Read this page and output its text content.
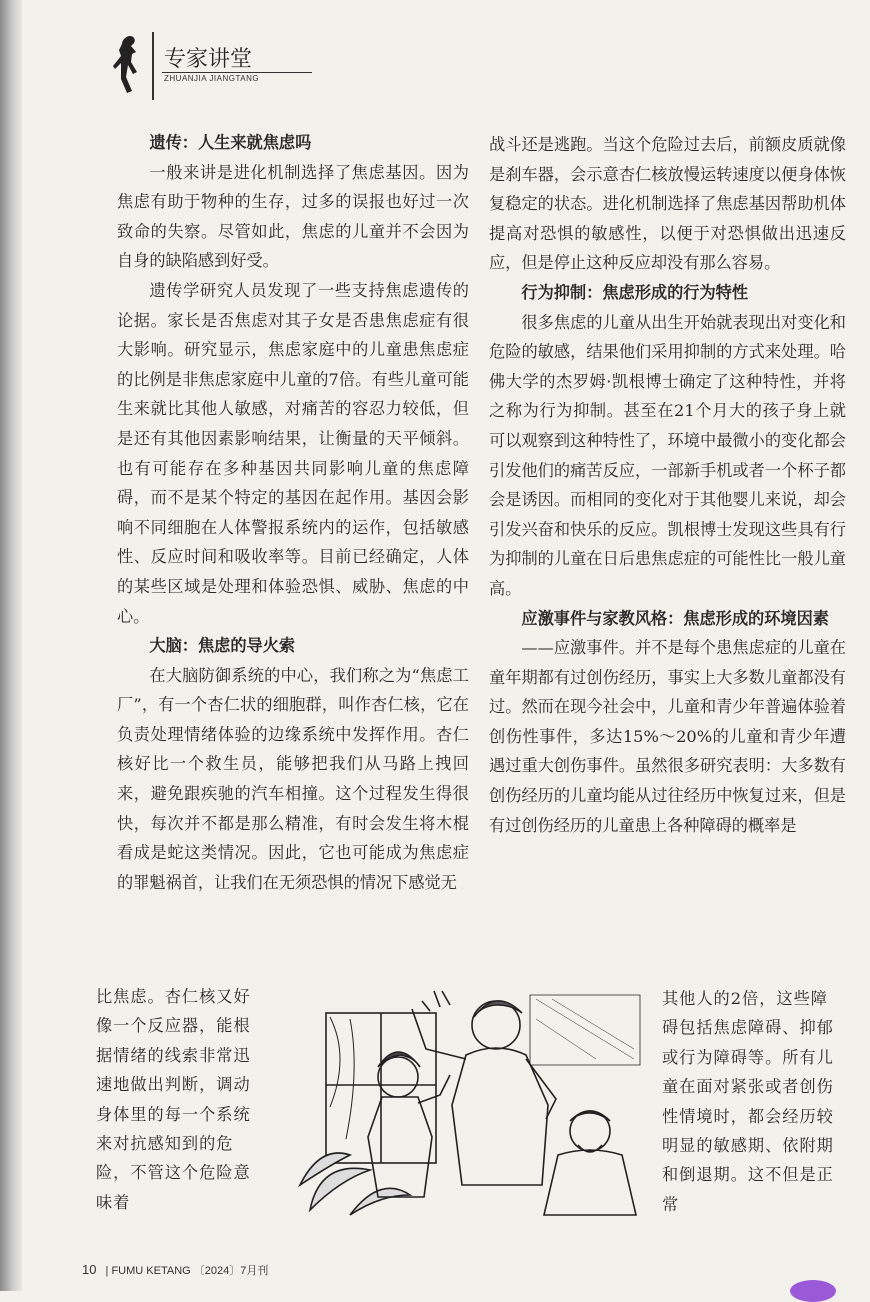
专家讲堂
ZHUANJIA JIANGTANG
遗传：人生来就焦虑吗

一般来讲是进化机制选择了焦虑基因。因为焦虑有助于物种的生存，过多的误报也好过一次致命的失察。尽管如此，焦虑的儿童并不会因为自身的缺陷感到好受。

遗传学研究人员发现了一些支持焦虑遗传的论据。家长是否焦虑对其子女是否患焦虑症有很大影响。研究显示，焦虑家庭中的儿童患焦虑症的比例是非焦虑家庭中儿童的7倍。有些儿童可能生来就比其他人敏感，对痛苦的容忍力较低，但是还有其他因素影响结果，让衡量的天平倾斜。也有可能存在多种基因共同影响儿童的焦虑障碍，而不是某个特定的基因在起作用。基因会影响不同细胞在人体警报系统内的运作，包括敏感性、反应时间和吸收率等。目前已经确定，人体的某些区域是处理和体验恐惧、威胁、焦虑的中心。

大脑：焦虑的导火索

在大脑防御系统的中心，我们称之为“焦虑工厂”，有一个杏仁状的细胞群，叫作杏仁核，它在负责处理情绪体验的边缘系统中发挥作用。杏仁核好比一个救生员，能够把我们从马路上拽回来，避免跟疾驰的汽车相撞。这个过程发生得很快，每次并不都是那么精准，有时会发生将木棍看成是蛇这类情况。因此，它也可能成为焦虑症的罪魁祸首，让我们在无须恐惧的情况下感觉无

比焦虑。杏仁核又好像一个反应器，能根据情绪的线索非常迅速地做出判断，调动身体里的每一个系统来对抗感知到的危险，不管这个危险意味着

战斗还是逃跑。当这个危险过去后，前额皮质就像是刹车器，会示意杏仁核放慢运转速度以便身体恢复稳定的状态。进化机制选择了焦虑基因帮助机体提高对恐惧的敏感性，以便于对恐惧做出迅速反应，但是停止这种反应却没有那么容易。

行为抑制：焦虑形成的行为特性

很多焦虑的儿童从出生开始就表现出对变化和危险的敏感，结果他们采用抑制的方式来处理。哈佛大学的杰罗姆·凯根博士确定了这种特性，并将之称为行为抑制。甚至在21个月大的孩子身上就可以观察到这种特性了，环境中最微小的变化都会引发他们的痛苦反应，一部新手机或者一个杯子都会是诱因。而相同的变化对于其他婴儿来说，却会引发兴奋和快乐的反应。凯根博士发现这些具有行为抑制的儿童在日后患焦虑症的可能性比一般儿童高。

应激事件与家教风格：焦虑形成的环境因素

——应激事件。并不是每个患焦虑症的儿童在童年期都有过创伤经历，事实上大多数儿童都没有过。然而在现今社会中，儿童和青少年普遍体验着创伤性事件，多达15%～20%的儿童和青少年遭遇过重大创伤事件。虽然很多研究表明：大多数有创伤经历的儿童均能从过往经历中恢复过来，但是有过创伤经历的儿童患上各种障碍的概率是

其他人的2倍，这些障碍包括焦虑障碍、抑郁或行为障碍等。所有儿童在面对紧张或者创伤性情境时，都会经历较明显的敏感期、依附期和倒退期。这不但是正常

10 | FUMU KETANG 〔2024〕7月刊
